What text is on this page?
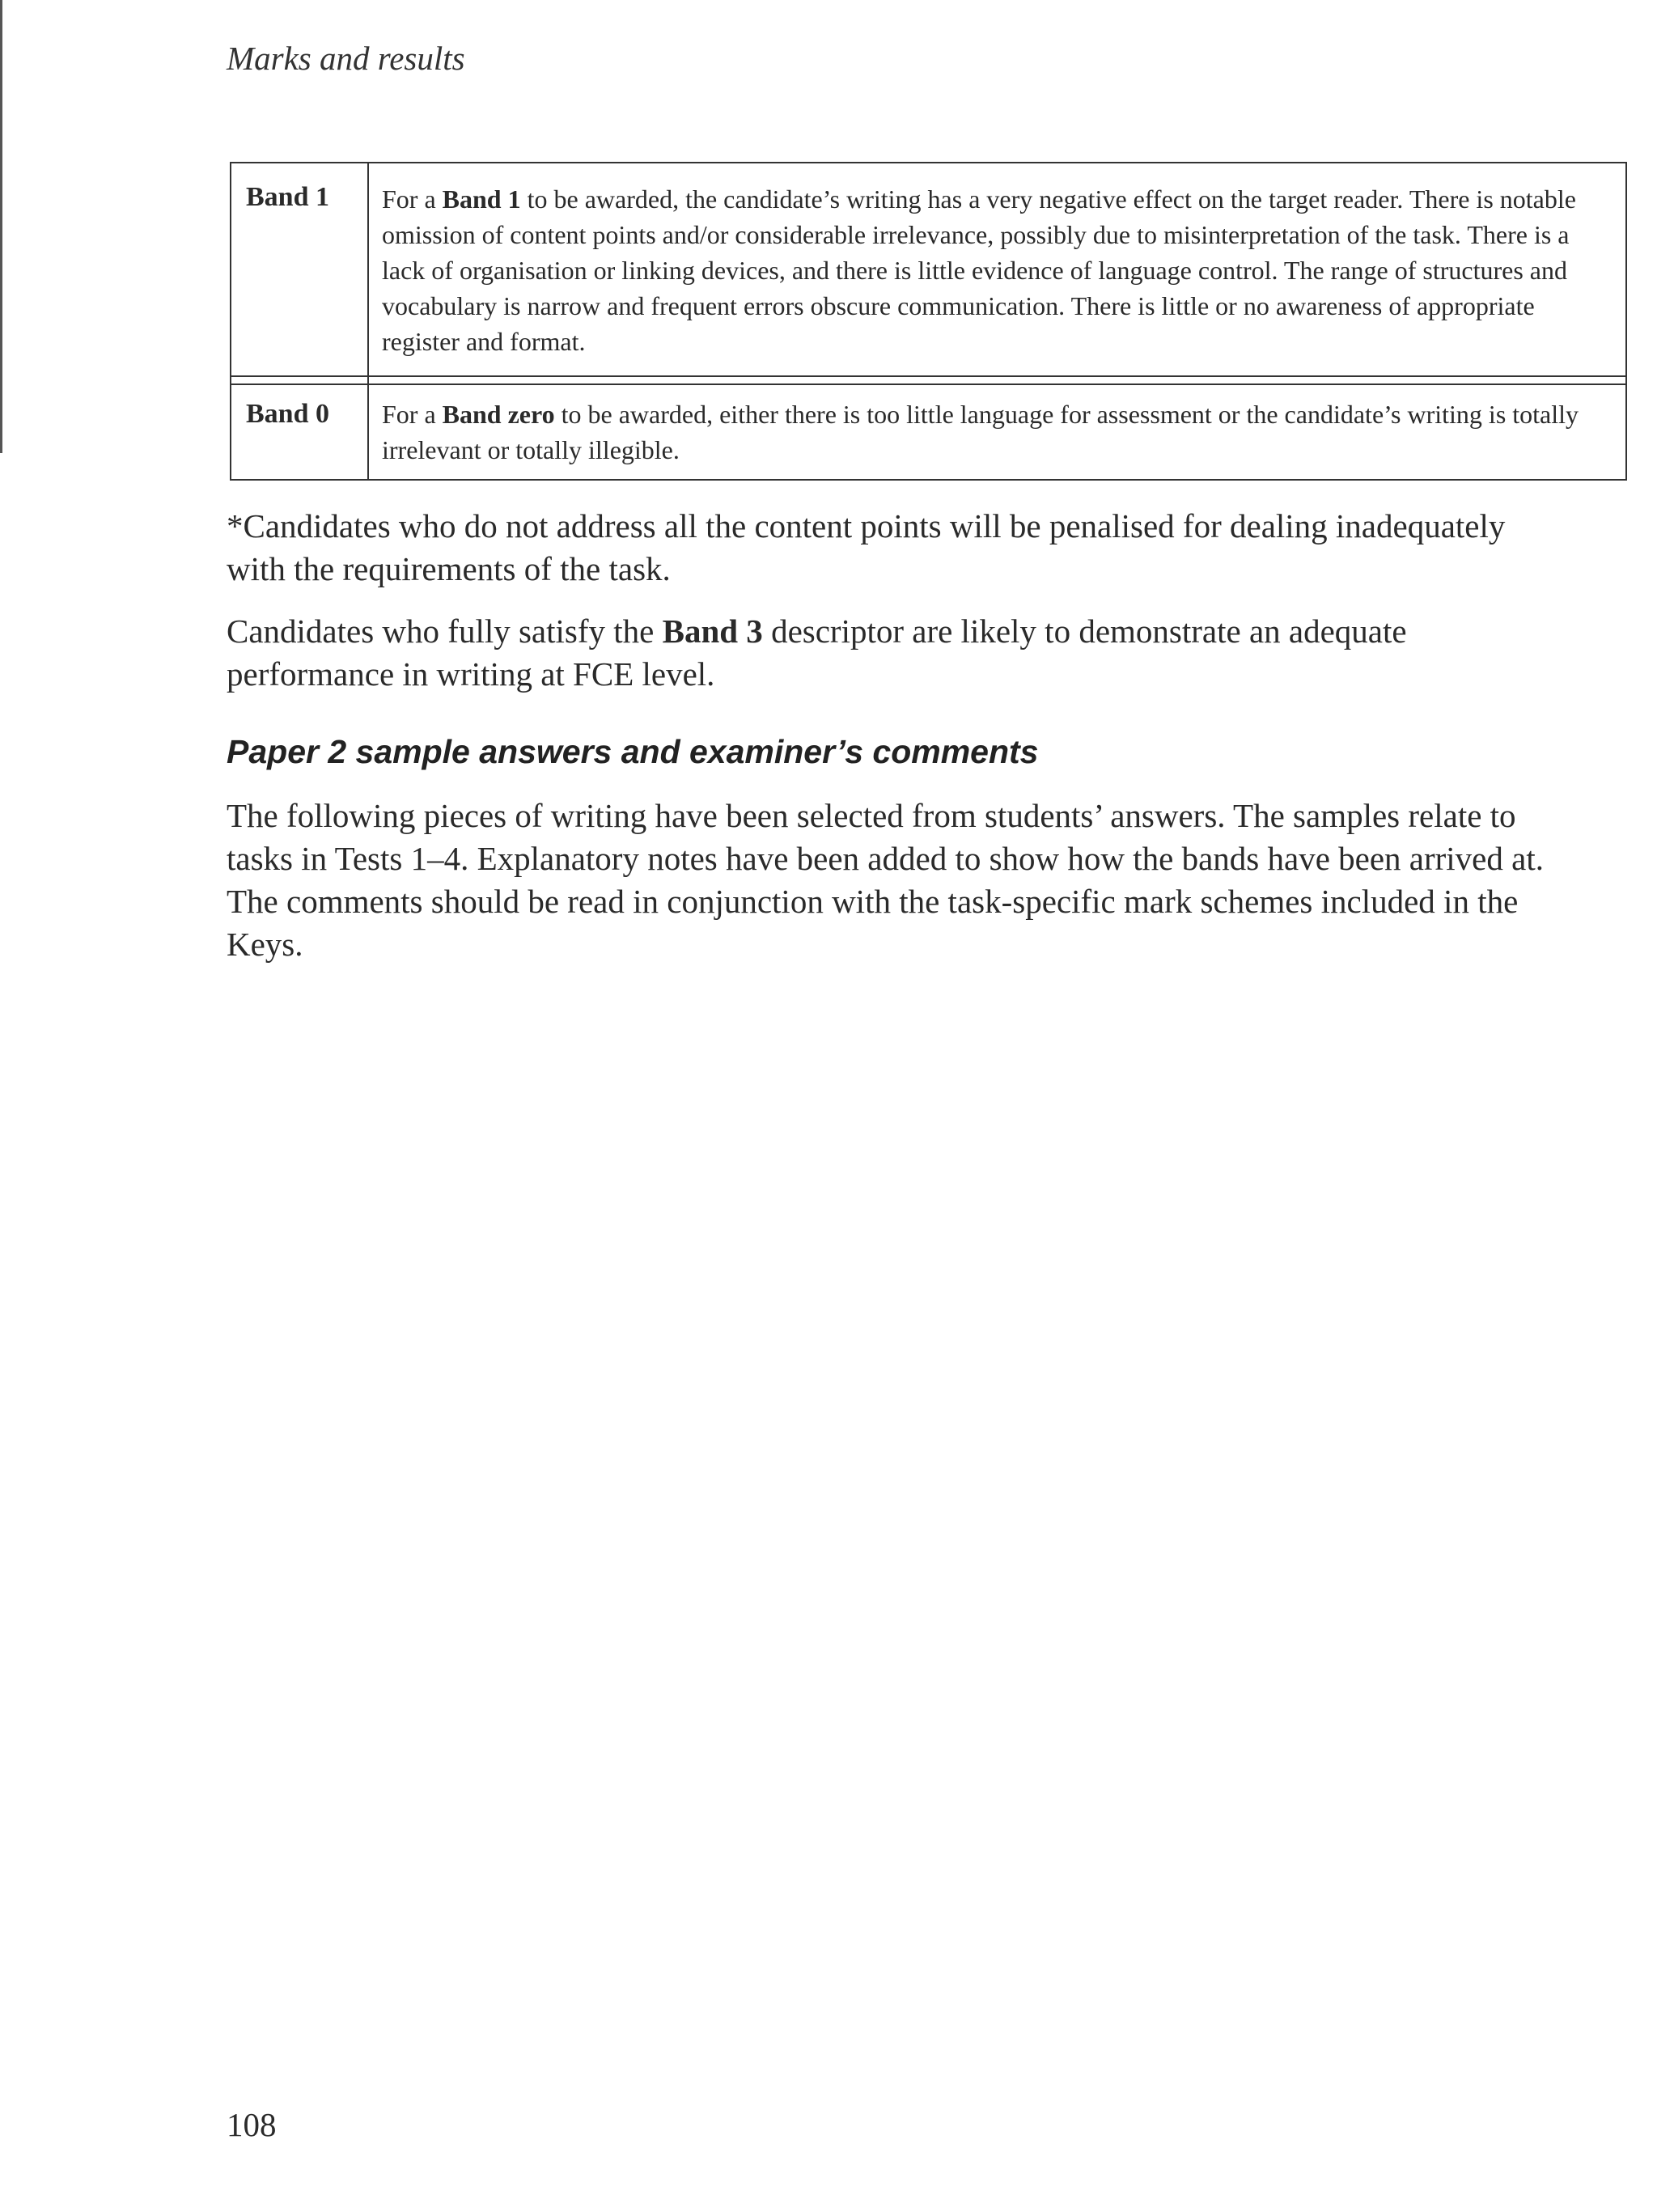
Marks and results
Band 1	For a Band 1 to be awarded, the candidate’s writing has a very negative effect on the target reader. There is notable omission of content points and/or considerable irrelevance, possibly due to misinterpretation of the task. There is a lack of organisation or linking devices, and there is little evidence of language control. The range of structures and vocabulary is narrow and frequent errors obscure communication. There is little or no awareness of appropriate register and format.

Band 0	For a Band zero to be awarded, either there is too little language for assessment or the candidate’s writing is totally irrelevant or totally illegible.

*Candidates who do not address all the content points will be penalised for dealing inadequately with the requirements of the task.

Candidates who fully satisfy the Band 3 descriptor are likely to demonstrate an adequate performance in writing at FCE level.

Paper 2 sample answers and examiner’s comments

The following pieces of writing have been selected from students’ answers. The samples relate to tasks in Tests 1–4. Explanatory notes have been added to show how the bands have been arrived at. The comments should be read in conjunction with the task-specific mark schemes included in the Keys.

108
